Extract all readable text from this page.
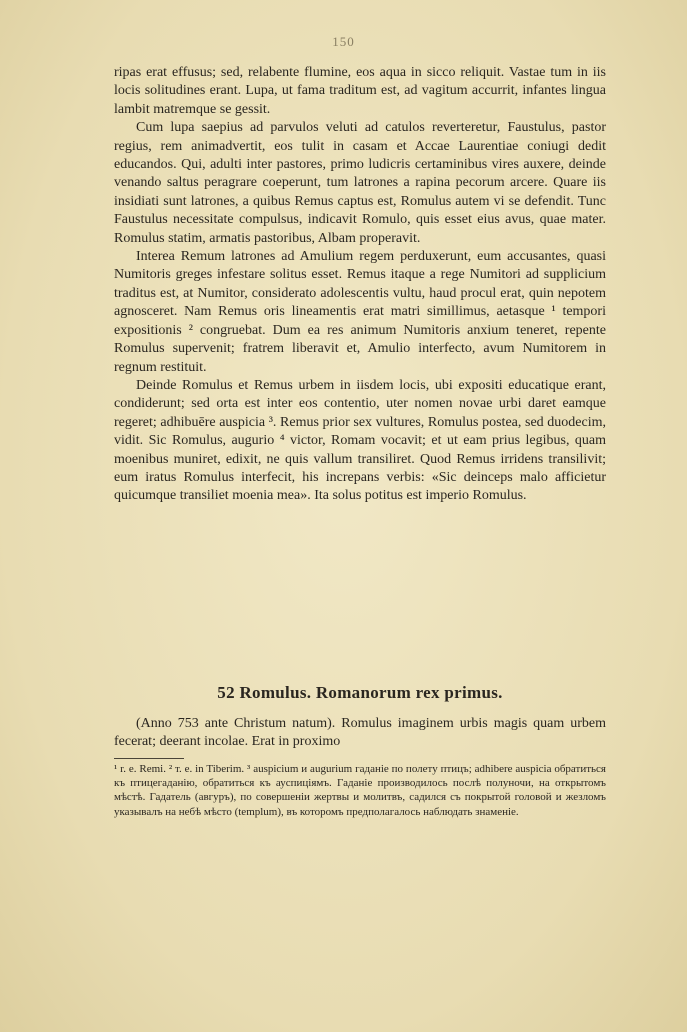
150

ripas erat effusus; sed, relabente flumine, eos aqua in sicco reliquit. Vastae tum in iis locis solitudines erant. Lupa, ut fama traditum est, ad vagitum accurrit, infantes lingua lambit matremque se gessit.

Cum lupa saepius ad parvulos veluti ad catulos reverteretur, Faustulus, pastor regius, rem animadvertit, eos tulit in casam et Accae Laurentiae coniugi dedit educandos. Qui, adulti inter pastores, primo ludicris certaminibus vires auxere, deinde venando saltus peragrare coeperunt, tum latrones a rapina pecorum arcere. Quare iis insidiati sunt latrones, a quibus Remus captus est, Romulus autem vi se defendit. Tunc Faustulus necessitate compulsus, indicavit Romulo, quis esset eius avus, quae mater. Romulus statim, armatis pastoribus, Albam properavit.

Interea Remum latrones ad Amulium regem perduxerunt, eum accusantes, quasi Numitoris greges infestare solitus esset. Remus itaque a rege Numitori ad supplicium traditus est, at Numitor, considerato adolescentis vultu, haud procul erat, quin nepotem agnosceret. Nam Remus oris lineamentis erat matri simillimus, aetasque ¹ tempori expositionis ² congruebat. Dum ea res animum Numitoris anxium teneret, repente Romulus supervenit; fratrem liberavit et, Amulio interfecto, avum Numitorem in regnum restituit.

Deinde Romulus et Remus urbem in iisdem locis, ubi expositi educatique erant, condiderunt; sed orta est inter eos contentio, uter nomen novae urbi daret eamque regeret; adhibuēre auspicia ³. Remus prior sex vultures, Romulus postea, sed duodecim, vidit. Sic Romulus, augurio ⁴ victor, Romam vocavit; et ut eam prius legibus, quam moenibus muniret, edixit, ne quis vallum transiliret. Quod Remus irridens transilivit; eum iratus Romulus interfecit, his increpans verbis: «Sic deinceps malo afficietur quicumque transiliet moenia mea». Ita solus potitus est imperio Romulus.

52 Romulus. Romanorum rex primus.

(Anno 753 ante Christum natum). Romulus imaginem urbis magis quam urbem fecerat; deerant incolae. Erat in proximo

¹ r. e. Remi. ² т. е. in Tiberim. ³ auspicium и augurium гаданіе по полету птицъ; adhibere auspicia обратиться къ птицегаданію, обратиться къ ауспиціямъ. Гаданіе производилось послѣ полуночи, на открытомъ мѣстѣ. Гадатель (авгуръ), по совершеніи жертвы и молитвъ, садился съ покрытой головой и жезломъ указывалъ на небѣ мѣсто (templum), въ которомъ предполагалось наблюдать знаменіе.
